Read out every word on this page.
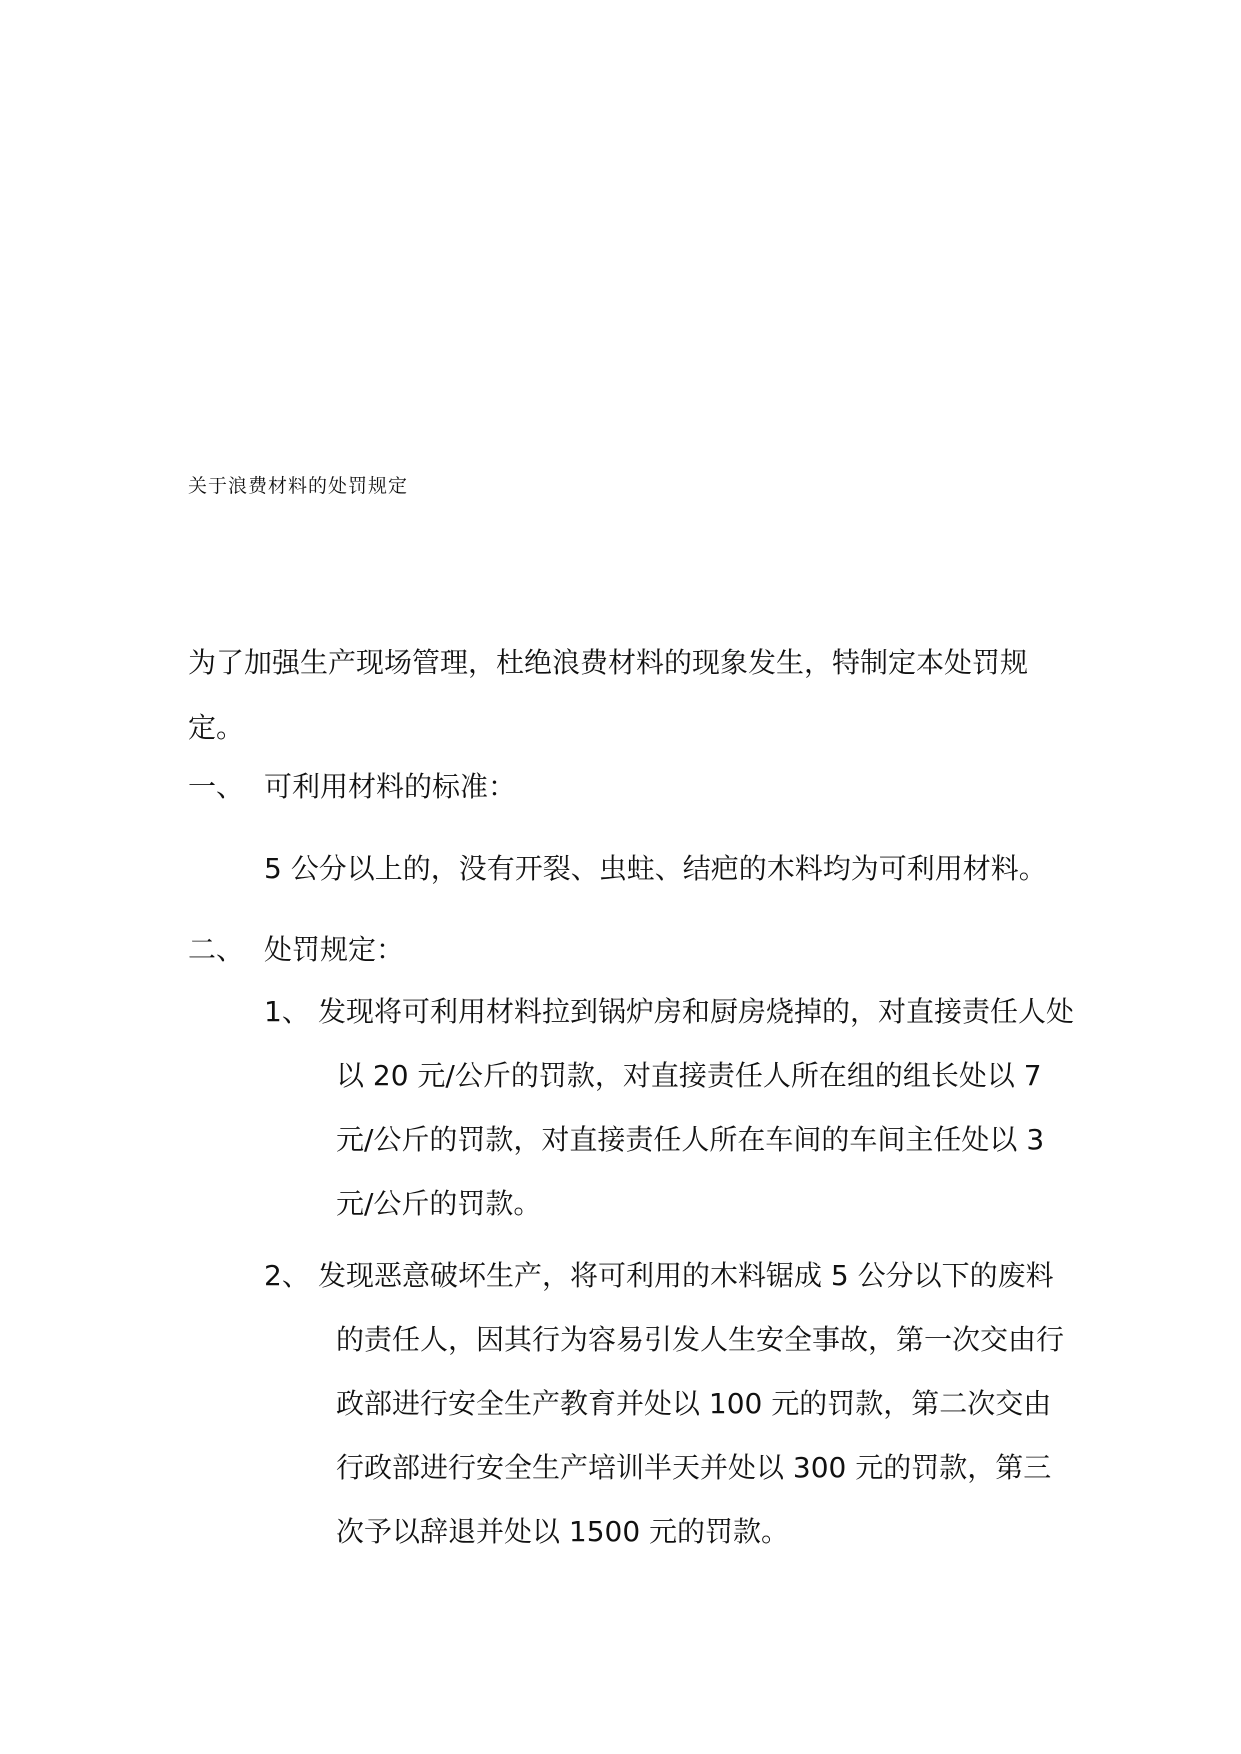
关于浪费材料的处罚规定
为了加强生产现场管理，杜绝浪费材料的现象发生，特制定本处罚规定。
一、 可利用材料的标准：
5 公分以上的，没有开裂、虫蛀、结疤的木料均为可利用材料。
二、 处罚规定：
1、 发现将可利用材料拉到锅炉房和厨房烧掉的，对直接责任人处以 20 元/公斤的罚款，对直接责任人所在组的组长处以 7 元/公斤的罚款，对直接责任人所在车间的车间主任处以 3 元/公斤的罚款。
2、 发现恶意破坏生产，将可利用的木料锯成 5 公分以下的废料的责任人，因其行为容易引发人生安全事故，第一次交由行政部进行安全生产教育并处以 100 元的罚款，第二次交由行政部进行安全生产培训半天并处以 300 元的罚款，第三次予以辞退并处以 1500 元的罚款。
